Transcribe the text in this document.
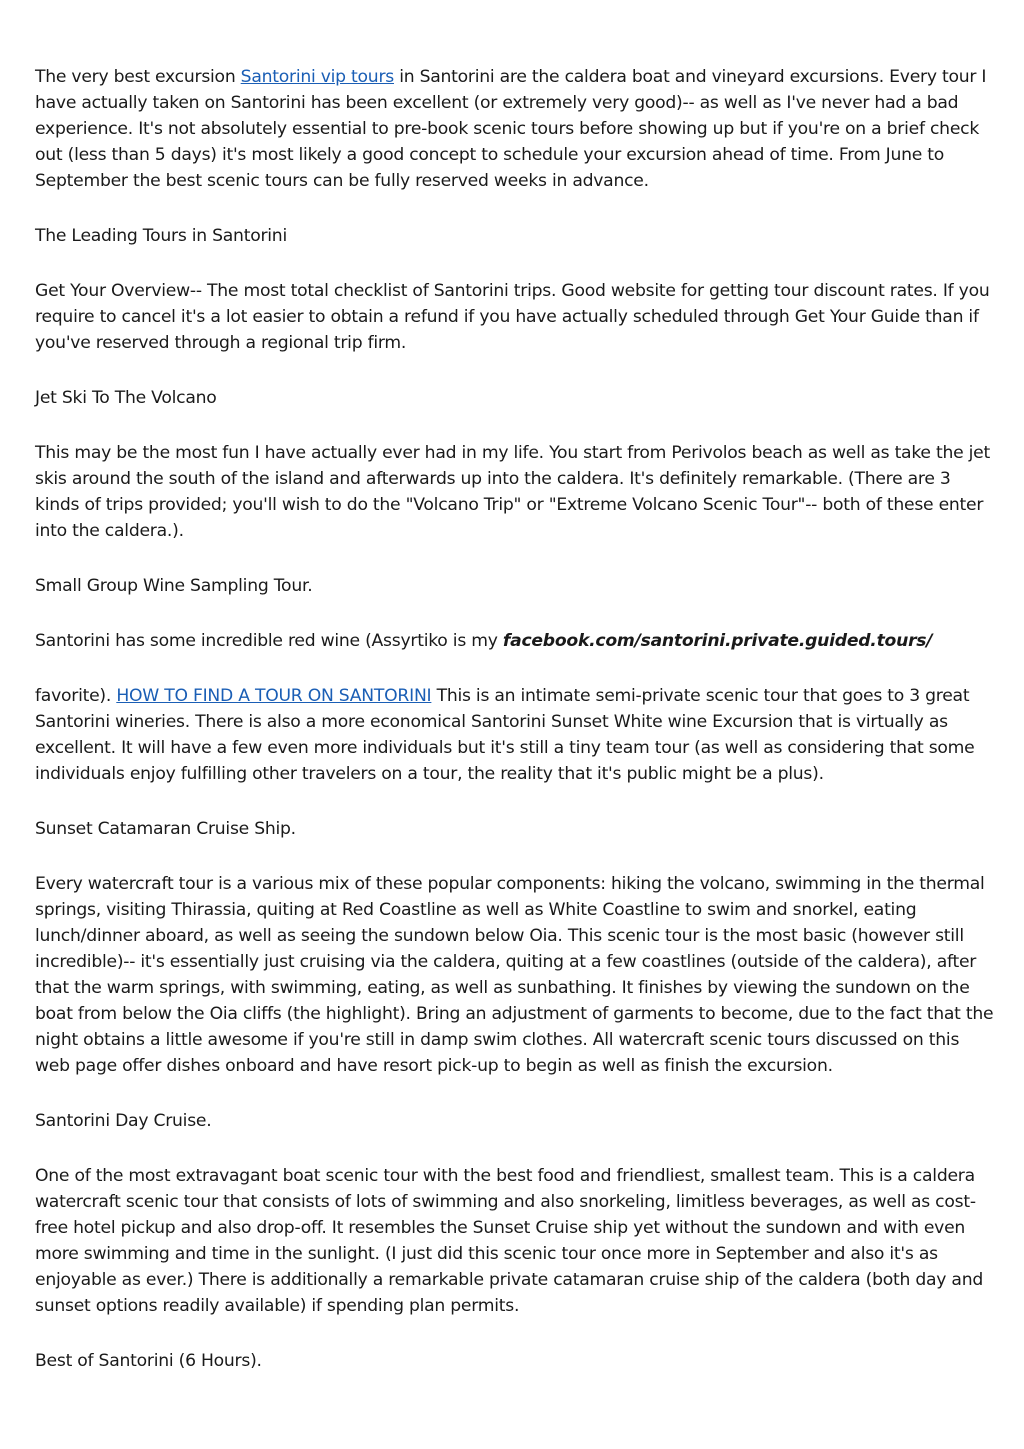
The very best excursion Santorini vip tours in Santorini are the caldera boat and vineyard excursions. Every tour I have actually taken on Santorini has been excellent (or extremely very good)-- as well as I've never had a bad experience. It's not absolutely essential to pre-book scenic tours before showing up but if you're on a brief check out (less than 5 days) it's most likely a good concept to schedule your excursion ahead of time. From June to September the best scenic tours can be fully reserved weeks in advance.

The Leading Tours in Santorini

Get Your Overview-- The most total checklist of Santorini trips. Good website for getting tour discount rates. If you require to cancel it's a lot easier to obtain a refund if you have actually scheduled through Get Your Guide than if you've reserved through a regional trip firm.

Jet Ski To The Volcano

This may be the most fun I have actually ever had in my life. You start from Perivolos beach as well as take the jet skis around the south of the island and afterwards up into the caldera. It's definitely remarkable. (There are 3 kinds of trips provided; you'll wish to do the "Volcano Trip" or "Extreme Volcano Scenic Tour"-- both of these enter into the caldera.).

Small Group Wine Sampling Tour.

Santorini has some incredible red wine (Assyrtiko is my facebook.com/santorini.private.guided.tours/

favorite). HOW TO FIND A TOUR ON SANTORINI This is an intimate semi-private scenic tour that goes to 3 great Santorini wineries. There is also a more economical Santorini Sunset White wine Excursion that is virtually as excellent. It will have a few even more individuals but it's still a tiny team tour (as well as considering that some individuals enjoy fulfilling other travelers on a tour, the reality that it's public might be a plus).

Sunset Catamaran Cruise Ship.

Every watercraft tour is a various mix of these popular components: hiking the volcano, swimming in the thermal springs, visiting Thirassia, quiting at Red Coastline as well as White Coastline to swim and snorkel, eating lunch/dinner aboard, as well as seeing the sundown below Oia. This scenic tour is the most basic (however still incredible)-- it's essentially just cruising via the caldera, quiting at a few coastlines (outside of the caldera), after that the warm springs, with swimming, eating, as well as sunbathing. It finishes by viewing the sundown on the boat from below the Oia cliffs (the highlight). Bring an adjustment of garments to become, due to the fact that the night obtains a little awesome if you're still in damp swim clothes. All watercraft scenic tours discussed on this web page offer dishes onboard and have resort pick-up to begin as well as finish the excursion.

Santorini Day Cruise.

One of the most extravagant boat scenic tour with the best food and friendliest, smallest team. This is a caldera watercraft scenic tour that consists of lots of swimming and also snorkeling, limitless beverages, as well as cost-free hotel pickup and also drop-off. It resembles the Sunset Cruise ship yet without the sundown and with even more swimming and time in the sunlight. (I just did this scenic tour once more in September and also it's as enjoyable as ever.) There is additionally a remarkable private catamaran cruise ship of the caldera (both day and sunset options readily available) if spending plan permits.

Best of Santorini (6 Hours).
